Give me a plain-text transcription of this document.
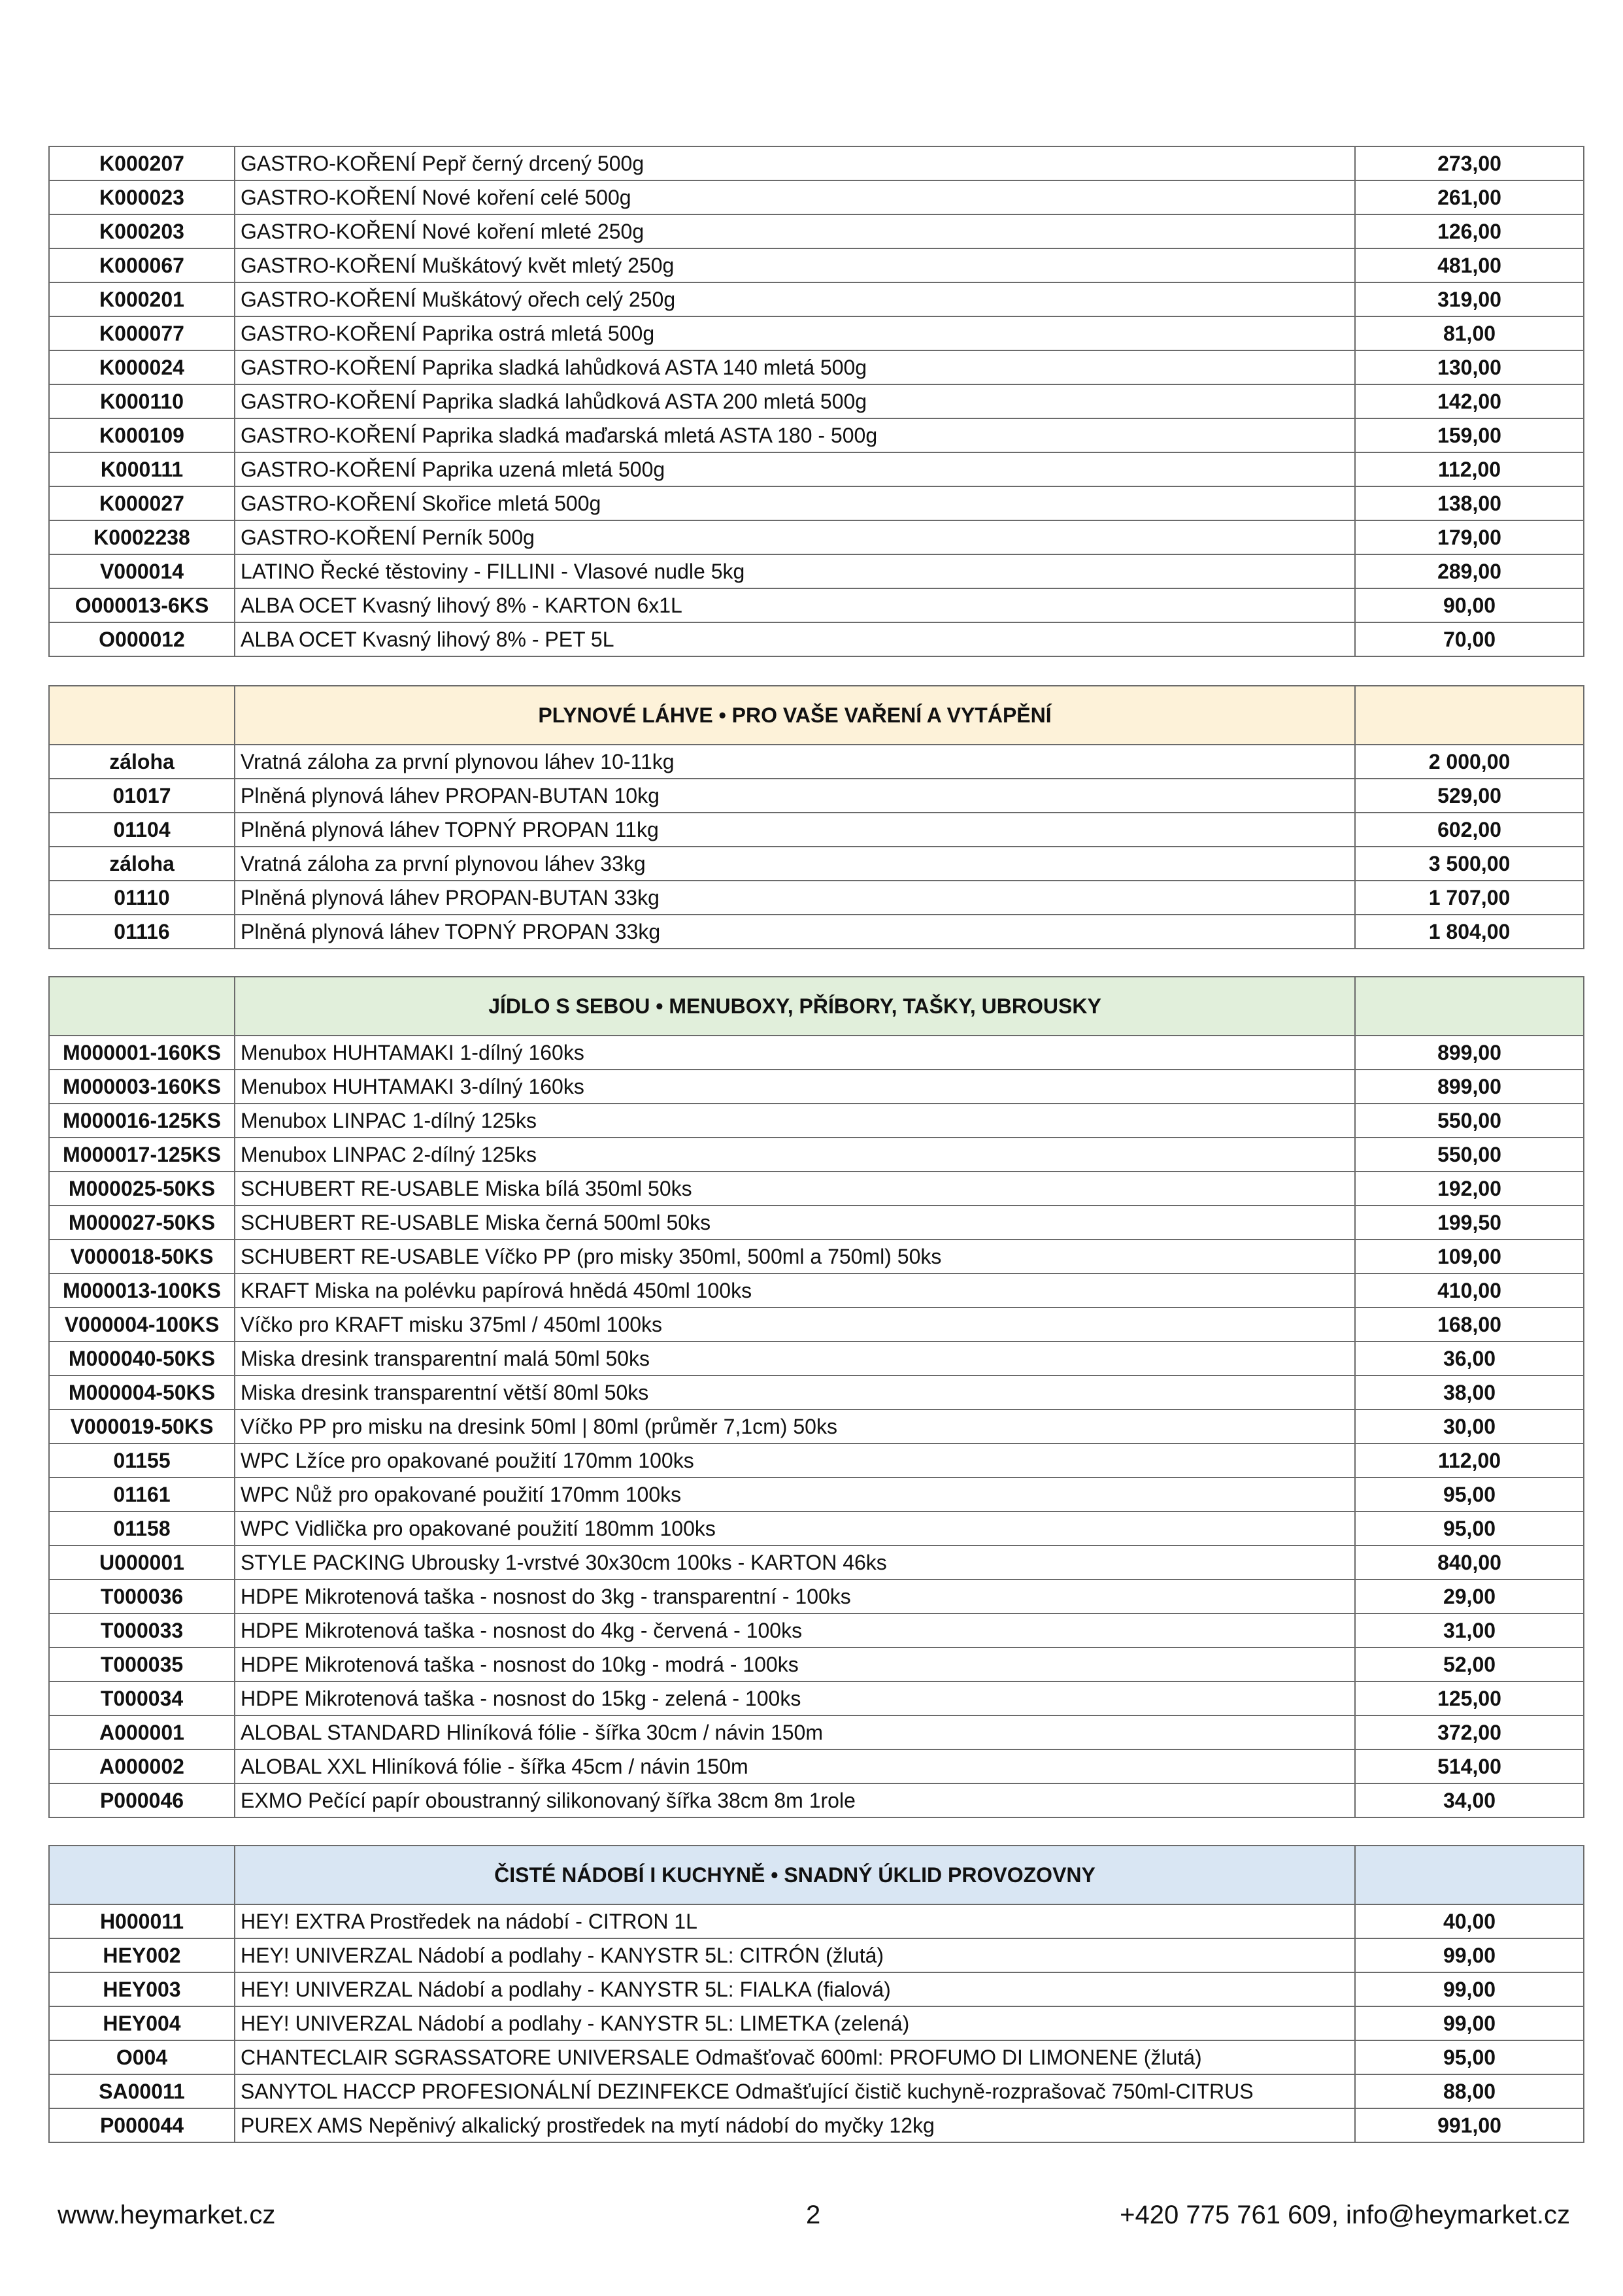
K000207	GASTRO-KOŘENÍ Pepř černý drcený 500g	273,00
K000023	GASTRO-KOŘENÍ Nové koření celé 500g	261,00
K000203	GASTRO-KOŘENÍ Nové koření mleté 250g	126,00
K000067	GASTRO-KOŘENÍ Muškátový květ mletý 250g	481,00
K000201	GASTRO-KOŘENÍ Muškátový ořech celý 250g	319,00
K000077	GASTRO-KOŘENÍ Paprika ostrá mletá 500g	81,00
K000024	GASTRO-KOŘENÍ Paprika sladká lahůdková ASTA 140 mletá 500g	130,00
K000110	GASTRO-KOŘENÍ Paprika sladká lahůdková ASTA 200 mletá 500g	142,00
K000109	GASTRO-KOŘENÍ Paprika sladká maďarská mletá ASTA 180 - 500g	159,00
K000111	GASTRO-KOŘENÍ Paprika uzená mletá 500g	112,00
K000027	GASTRO-KOŘENÍ Skořice mletá 500g	138,00
K0002238	GASTRO-KOŘENÍ Perník 500g	179,00
V000014	LATINO Řecké těstoviny - FILLINI - Vlasové nudle 5kg	289,00
O000013-6KS	ALBA OCET Kvasný lihový 8% - KARTON 6x1L	90,00
O000012	ALBA OCET Kvasný lihový 8% - PET 5L	70,00
	PLYNOVÉ LÁHVE • PRO VAŠE VAŘENÍ A VYTÁPĚNÍ	
záloha	Vratná záloha za první plynovou láhev 10-11kg	2 000,00
01017	Plněná plynová láhev PROPAN-BUTAN 10kg	529,00
01104	Plněná plynová láhev TOPNÝ PROPAN 11kg	602,00
záloha	Vratná záloha za první plynovou láhev 33kg	3 500,00
01110	Plněná plynová láhev PROPAN-BUTAN 33kg	1 707,00
01116	Plněná plynová láhev TOPNÝ PROPAN 33kg	1 804,00
	JÍDLO S SEBOU • MENUBOXY, PŘÍBORY, TAŠKY, UBROUSKY	
M000001-160KS	Menubox HUHTAMAKI 1-dílný 160ks	899,00
M000003-160KS	Menubox HUHTAMAKI 3-dílný 160ks	899,00
M000016-125KS	Menubox LINPAC 1-dílný 125ks	550,00
M000017-125KS	Menubox LINPAC 2-dílný 125ks	550,00
M000025-50KS	SCHUBERT RE-USABLE Miska bílá 350ml 50ks	192,00
M000027-50KS	SCHUBERT RE-USABLE Miska černá 500ml 50ks	199,50
V000018-50KS	SCHUBERT RE-USABLE Víčko PP (pro misky 350ml, 500ml a 750ml) 50ks	109,00
M000013-100KS	KRAFT Miska na polévku papírová hnědá 450ml 100ks	410,00
V000004-100KS	Víčko pro KRAFT misku 375ml / 450ml 100ks	168,00
M000040-50KS	Miska dresink transparentní malá 50ml 50ks	36,00
M000004-50KS	Miska dresink transparentní větší 80ml 50ks	38,00
V000019-50KS	Víčko PP pro misku na dresink 50ml | 80ml (průměr 7,1cm) 50ks	30,00
01155	WPC Lžíce pro opakované použití 170mm 100ks	112,00
01161	WPC Nůž pro opakované použití 170mm 100ks	95,00
01158	WPC Vidlička pro opakované použití 180mm 100ks	95,00
U000001	STYLE PACKING Ubrousky 1-vrstvé 30x30cm 100ks - KARTON 46ks	840,00
T000036	HDPE Mikrotenová taška - nosnost do 3kg - transparentní - 100ks	29,00
T000033	HDPE Mikrotenová taška - nosnost do 4kg - červená - 100ks	31,00
T000035	HDPE Mikrotenová taška - nosnost do 10kg - modrá - 100ks	52,00
T000034	HDPE Mikrotenová taška - nosnost do 15kg - zelená - 100ks	125,00
A000001	ALOBAL STANDARD Hliníková fólie - šířka 30cm / návin 150m	372,00
A000002	ALOBAL XXL Hliníková fólie - šířka 45cm / návin 150m	514,00
P000046	EXMO Pečící papír oboustranný silikonovaný šířka 38cm 8m 1role	34,00
	ČISTÉ NÁDOBÍ I KUCHYNĚ • SNADNÝ ÚKLID PROVOZOVNY	
H000011	HEY! EXTRA Prostředek na nádobí - CITRON 1L	40,00
HEY002	HEY! UNIVERZAL Nádobí a podlahy - KANYSTR 5L: CITRÓN (žlutá)	99,00
HEY003	HEY! UNIVERZAL Nádobí a podlahy - KANYSTR 5L: FIALKA (fialová)	99,00
HEY004	HEY! UNIVERZAL Nádobí a podlahy - KANYSTR 5L: LIMETKA (zelená)	99,00
O004	CHANTECLAIR SGRASSATORE UNIVERSALE Odmašťovač 600ml: PROFUMO DI LIMONENE (žlutá)	95,00
SA00011	SANYTOL HACCP PROFESIONÁLNÍ DEZINFEKCE Odmašťující čistič kuchyně-rozprašovač 750ml-CITRUS	88,00
P000044	PUREX AMS Nepěnivý alkalický prostředek na mytí nádobí do myčky 12kg	991,00
www.heymarket.cz	2	+420 775 761 609, info@heymarket.cz
